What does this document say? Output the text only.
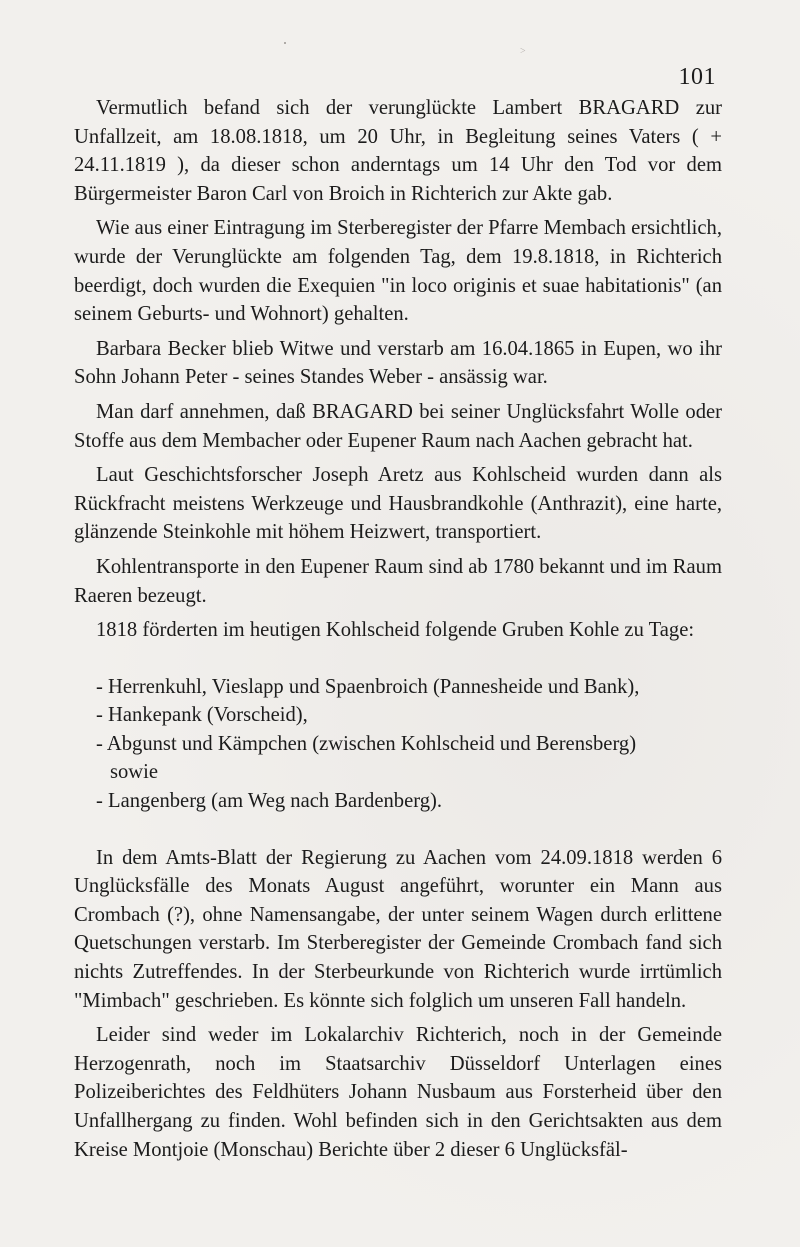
>
101

Vermutlich befand sich der verunglückte Lambert BRAGARD zur Unfallzeit, am 18.08.1818, um 20 Uhr, in Begleitung seines Vaters ( + 24.11.1819 ), da dieser schon anderntags um 14 Uhr den Tod vor dem Bürgermeister Baron Carl von Broich in Richterich zur Akte gab.

Wie aus einer Eintragung im Sterberegister der Pfarre Membach ersichtlich, wurde der Verunglückte am folgenden Tag, dem 19.8.1818, in Richterich beerdigt, doch wurden die Exequien "in loco originis et suae habitationis" (an seinem Geburts- und Wohnort) gehalten.

Barbara Becker blieb Witwe und verstarb am 16.04.1865 in Eupen, wo ihr Sohn Johann Peter - seines Standes Weber - ansässig war.

Man darf annehmen, daß BRAGARD bei seiner Unglücksfahrt Wolle oder Stoffe aus dem Membacher oder Eupener Raum nach Aachen gebracht hat.

Laut Geschichtsforscher Joseph Aretz aus Kohlscheid wurden dann als Rückfracht meistens Werkzeuge und Hausbrandkohle (Anthrazit), eine harte, glänzende Steinkohle mit höhem Heizwert, transportiert.

Kohlentransporte in den Eupener Raum sind ab 1780 bekannt und im Raum Raeren bezeugt.

1818 förderten im heutigen Kohlscheid folgende Gruben Kohle zu Tage:

- Herrenkuhl, Vieslapp und Spaenbroich (Pannesheide und Bank),
- Hankepank (Vorscheid),
- Abgunst und Kämpchen (zwischen Kohlscheid und Berensberg)
sowie
- Langenberg (am Weg nach Bardenberg).

In dem Amts-Blatt der Regierung zu Aachen vom 24.09.1818 werden 6 Unglücksfälle des Monats August angeführt, worunter ein Mann aus Crombach (?), ohne Namensangabe, der unter seinem Wagen durch erlittene Quetschungen verstarb. Im Sterberegister der Gemeinde Crombach fand sich nichts Zutreffendes. In der Sterbeurkunde von Richterich wurde irrtümlich "Mimbach" geschrieben. Es könnte sich folglich um unseren Fall handeln.

Leider sind weder im Lokalarchiv Richterich, noch in der Gemeinde Herzogenrath, noch im Staatsarchiv Düsseldorf Unterlagen eines Polizeiberichtes des Feldhüters Johann Nusbaum aus Forsterheid über den Unfallhergang zu finden. Wohl befinden sich in den Gerichtsakten aus dem Kreise Montjoie (Monschau) Berichte über 2 dieser 6 Unglücksfäl-
